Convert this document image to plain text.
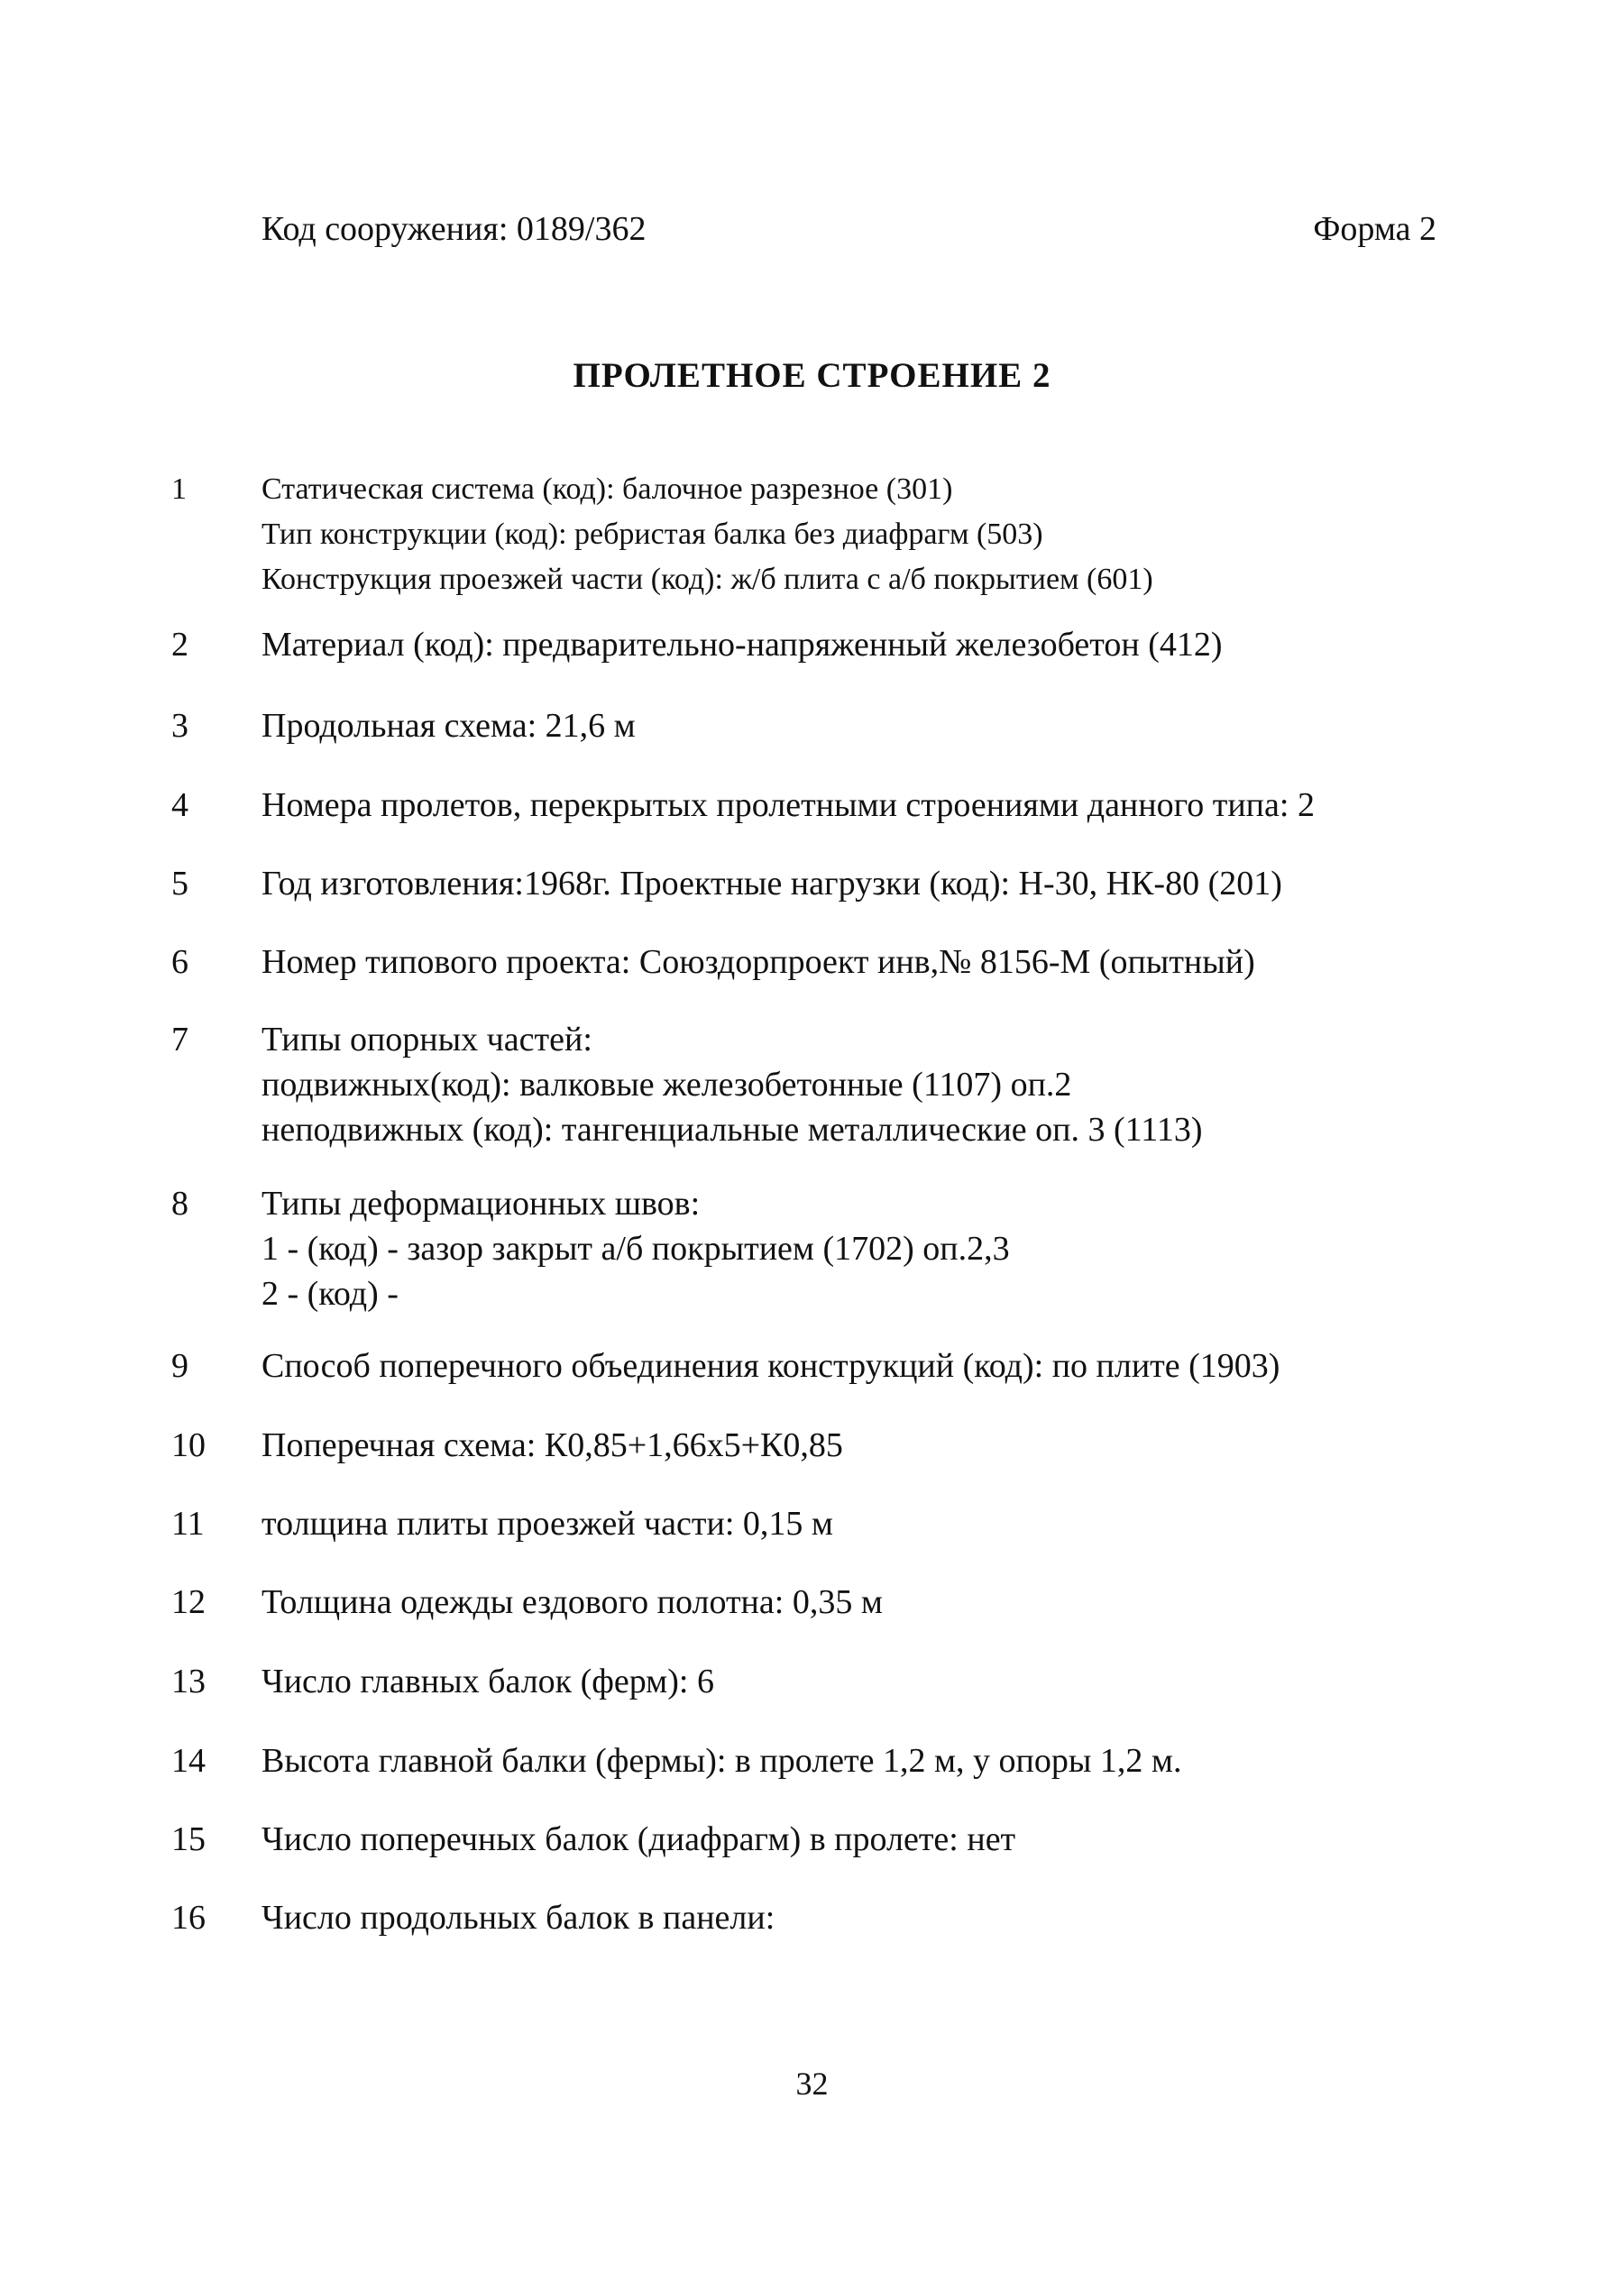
Код сооружения: 0189/362	Форма 2
ПРОЛЕТНОЕ СТРОЕНИЕ 2
1	Статическая система (код): балочное разрезное (301)
Тип конструкции (код): ребристая балка без диафрагм (503)
Конструкция проезжей части (код): ж/б плита с а/б покрытием (601)
2	Материал (код): предварительно-напряженный железобетон (412)
3	Продольная схема: 21,6 м
4	Номера пролетов, перекрытых пролетными строениями данного типа: 2
5	Год изготовления:1968г. Проектные нагрузки (код): Н-30, НК-80 (201)
6	Номер типового проекта: Союздорпроект инв,№ 8156-М (опытный)
7	Типы опорных частей:
подвижных(код): валковые железобетонные (1107) оп.2
неподвижных (код): тангенциальные металлические оп. 3 (1113)
8	Типы деформационных швов:
1 - (код) - зазор закрыт а/б покрытием (1702) оп.2,3
2 - (код) -
9	Способ поперечного объединения конструкций (код): по плите (1903)
10	Поперечная схема: К0,85+1,66х5+К0,85
11	толщина плиты проезжей части: 0,15 м
12	Толщина одежды ездового полотна: 0,35 м
13	Число главных балок (ферм): 6
14	Высота главной балки (фермы): в пролете 1,2 м, у опоры 1,2 м.
15	Число поперечных балок (диафрагм) в пролете: нет
16	Число продольных балок в панели:
32
